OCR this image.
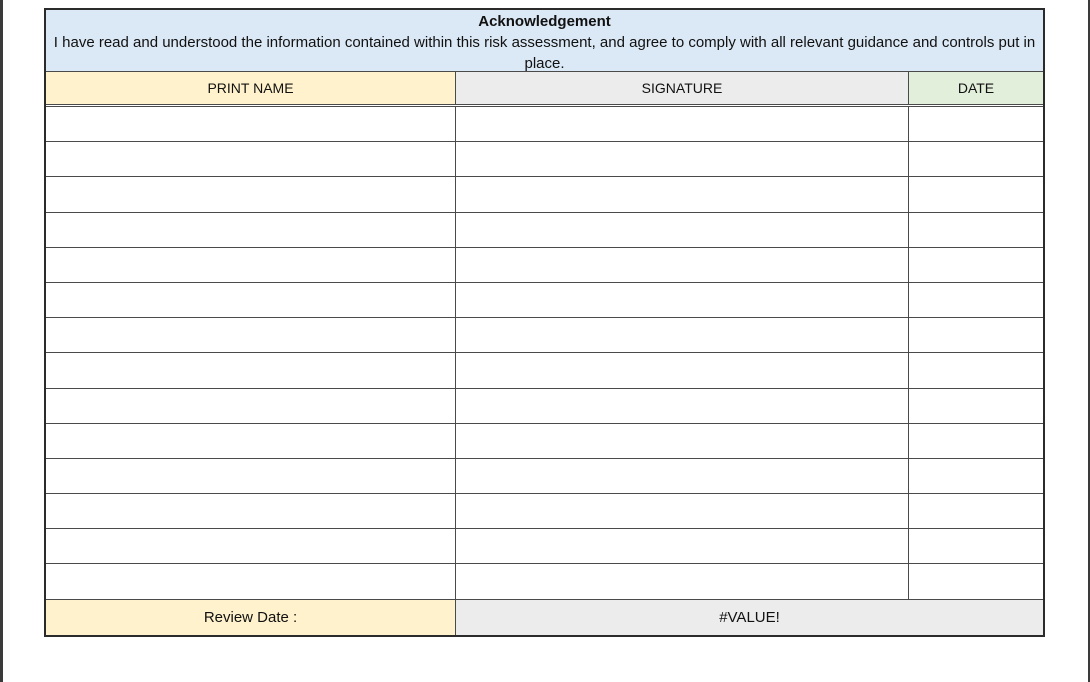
Acknowledgement
I have read and understood the information contained within this risk assessment, and agree to comply with all relevant guidance and controls put in place.
PRINT NAME	SIGNATURE	DATE
Review Date :	#VALUE!
